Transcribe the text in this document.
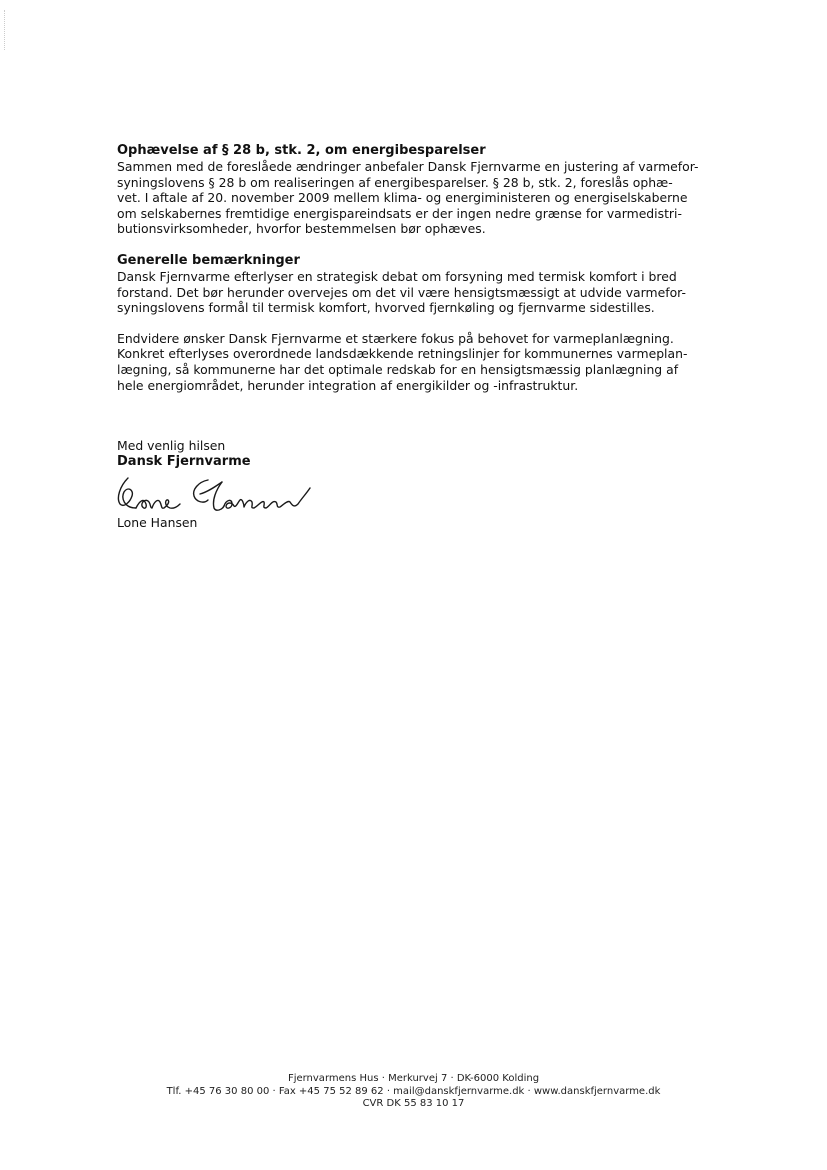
Ophævelse af § 28 b, stk. 2, om energibesparelser

Sammen med de foreslåede ændringer anbefaler Dansk Fjernvarme en justering af varmefor-
syningslovens § 28 b om realiseringen af energibesparelser. § 28 b, stk. 2, foreslås ophæ-
vet. I aftale af 20. november 2009 mellem klima- og energiministeren og energiselskaberne
om selskabernes fremtidige energispareindsats er der ingen nedre grænse for varmedistri-
butionsvirksomheder, hvorfor bestemmelsen bør ophæves.

Generelle bemærkninger

Dansk Fjernvarme efterlyser en strategisk debat om forsyning med termisk komfort i bred
forstand. Det bør herunder overvejes om det vil være hensigtsmæssigt at udvide varmefor-
syningslovens formål til termisk komfort, hvorved fjernkøling og fjernvarme sidestilles.

Endvidere ønsker Dansk Fjernvarme et stærkere fokus på behovet for varmeplanlægning.
Konkret efterlyses overordnede landsdækkende retningslinjer for kommunernes varmeplan-
lægning, så kommunerne har det optimale redskab for en hensigtsmæssig planlægning af
hele energiområdet, herunder integration af energikilder og -infrastruktur.

Med venlig hilsen
Dansk Fjernvarme
Lone Hansen
Fjernvarmens Hus · Merkurvej 7 · DK-6000 Kolding
Tlf. +45 76 30 80 00 · Fax +45 75 52 89 62 · mail@danskfjernvarme.dk · www.danskfjernvarme.dk
CVR DK 55 83 10 17
